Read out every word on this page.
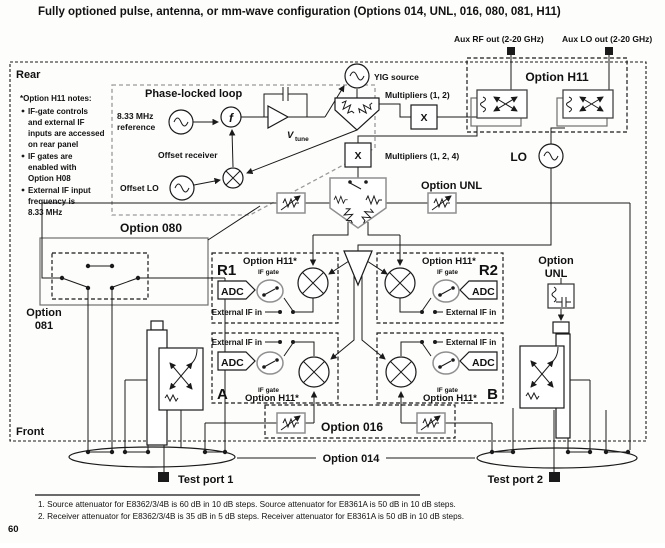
Fully optioned pulse, antenna, or mm-wave configuration (Options 014, UNL, 016, 080, 081, H11)
Aux RF out (2-20 GHz) Aux LO out (2-20 GHz)
Rear
Front
*Option H11 notes:
IF-gate controls
and external IF
inputs are accessed
on rear panel
IF gates are
enabled with
Option H08
External IF input
frequency is
8.33 MHz
Phase-locked loop
8.33 MHz
reference
f
V tune
Offset receiver
Offset LO
YIG source
Multipliers (1, 2)
X
X	Multipliers (1, 2, 4)
Option H11
LO
Option UNL
Option 080
Option
081
Option
UNL
Option 016
Option 014
Test port 1	Test port 2
R1
Option H11*
IF gate
ADC
External IF in
R2
Option H11*
IF gate
ADC
External IF in
A Option H11*
IF gate
ADC
External IF in
B
Option H11*
IF gate
ADC
External IF in
1. Source attenuator for E8362/3/4B is 60 dB in 10 dB steps. Source attenuator for E8361A is 50 dB in 10 dB steps.
2. Receiver attenuator for E8362/3/4B is 35 dB in 5 dB steps. Receiver attenuator for E8361A is 50 dB in 10 dB steps.
60
